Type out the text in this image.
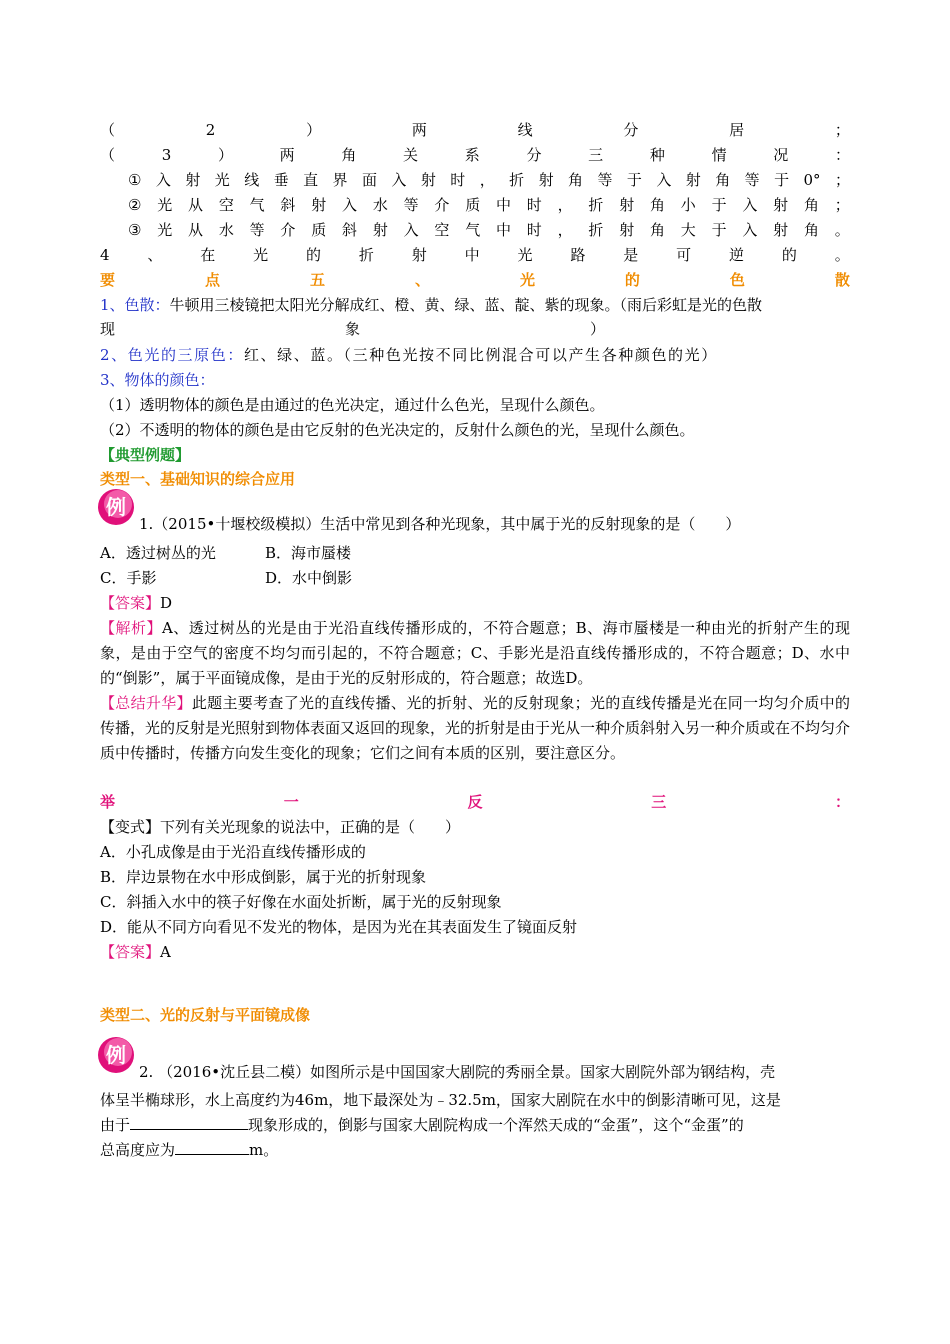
（	2	）	两	线	分	居	；
（	3	）	两	角	关	系	分	三	种	情	况	：
① 入 射 光 线 垂 直 界 面 入 射 时 ， 折 射 角 等 于 入 射 角 等 于 0° ；
② 光 从 空 气 斜 射 入 水 等 介 质 中 时 ， 折 射 角 小 于 入 射 角 ；
③ 光 从 水 等 介 质 斜 射 入 空 气 中 时 ， 折 射 角 大 于 入 射 角 。
4	、	在	光	的	折	射	中	光	路	是	可	逆	的	。
要	点	五	、	光	的	色	散
1、色散：牛顿用三棱镜把太阳光分解成红、橙、黄、绿、蓝、靛、紫的现象。（雨后彩虹是光的色散
现	象	）
2、色光的三原色：红、绿、蓝。（三种色光按不同比例混合可以产生各种颜色的光）
3、物体的颜色：
（1）透明物体的颜色是由通过的色光决定，通过什么色光，呈现什么颜色。
（2）不透明的物体的颜色是由它反射的色光决定的，反射什么颜色的光，呈现什么颜色。
【典型例题】
类型一、基础知识的综合应用
例
1.（2015•十堰校级模拟）生活中常见到各种光现象，其中属于光的反射现象的是（　　）
A．透过树丛的光	B．海市蜃楼
C．手影	D．水中倒影
【答案】D
【解析】A、透过树丛的光是由于光沿直线传播形成的，不符合题意；B、海市蜃楼是一种由光的折射产生的现象，是由于空气的密度不均匀而引起的，不符合题意；C、手影光是沿直线传播形成的，不符合题意；D、水中的“倒影”，属于平面镜成像，是由于光的反射形成的，符合题意；故选D。
【总结升华】此题主要考查了光的直线传播、光的折射、光的反射现象；光的直线传播是光在同一均匀介质中的传播，光的反射是光照射到物体表面又返回的现象，光的折射是由于光从一种介质斜射入另一种介质或在不均匀介质中传播时，传播方向发生变化的现象；它们之间有本质的区别，要注意区分。
举	一	反	三	：
【变式】下列有关光现象的说法中，正确的是（　　）
A．小孔成像是由于光沿直线传播形成的
B．岸边景物在水中形成倒影，属于光的折射现象
C．斜插入水中的筷子好像在水面处折断，属于光的反射现象
D．能从不同方向看见不发光的物体，是因为光在其表面发生了镜面反射
【答案】A
类型二、光的反射与平面镜成像
例
2. （2016•沈丘县二模）如图所示是中国国家大剧院的秀丽全景。国家大剧院外部为钢结构，壳
体呈半椭球形，水上高度约为46m，地下最深处为﹣32.5m，国家大剧院在水中的倒影清晰可见，这是
由于	现象形成的，倒影与国家大剧院构成一个浑然天成的“金蛋”，这个“金蛋”的
总高度应为	m。
